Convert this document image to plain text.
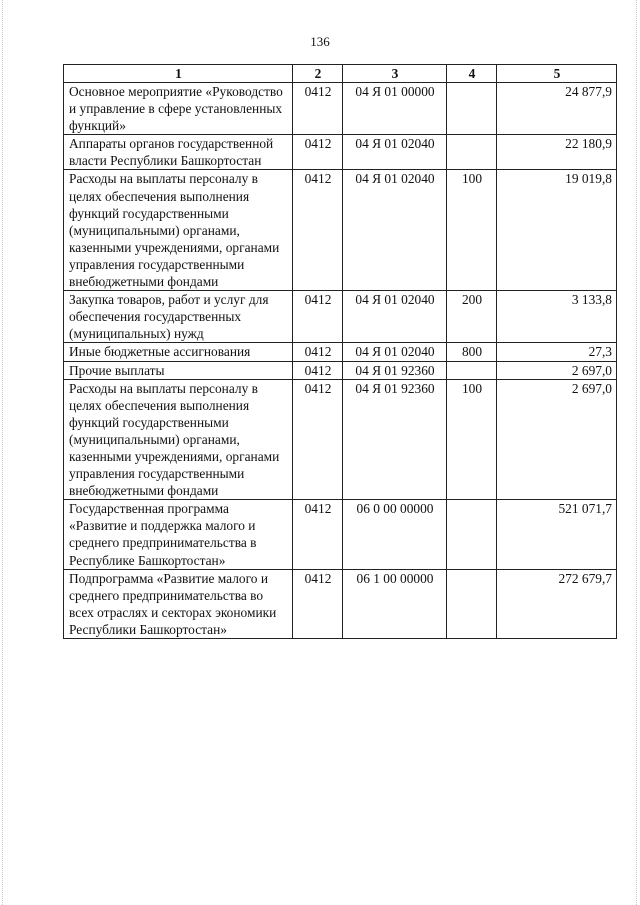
136
1	2	3	4	5
Основное мероприятие «Руководство и управление в сфере установленных функций»	0412	04 Я 01 00000		24 877,9
Аппараты органов государственной власти Республики Башкортостан	0412	04 Я 01 02040		22 180,9
Расходы на выплаты персоналу в целях обеспечения выполнения функций государственными (муниципальными) органами, казенными учреждениями, органами управления государственными внебюджетными фондами	0412	04 Я 01 02040	100	19 019,8
Закупка товаров, работ и услуг для обеспечения государственных (муниципальных) нужд	0412	04 Я 01 02040	200	3 133,8
Иные бюджетные ассигнования	0412	04 Я 01 02040	800	27,3
Прочие выплаты	0412	04 Я 01 92360		2 697,0
Расходы на выплаты персоналу в целях обеспечения выполнения функций государственными (муниципальными) органами, казенными учреждениями, органами управления государственными внебюджетными фондами	0412	04 Я 01 92360	100	2 697,0
Государственная программа «Развитие и поддержка малого и среднего предпринимательства в Республике Башкортостан»	0412	06 0 00 00000		521 071,7
Подпрограмма «Развитие малого и среднего предпринимательства во всех отраслях и секторах экономики Республики Башкортостан»	0412	06 1 00 00000		272 679,7
